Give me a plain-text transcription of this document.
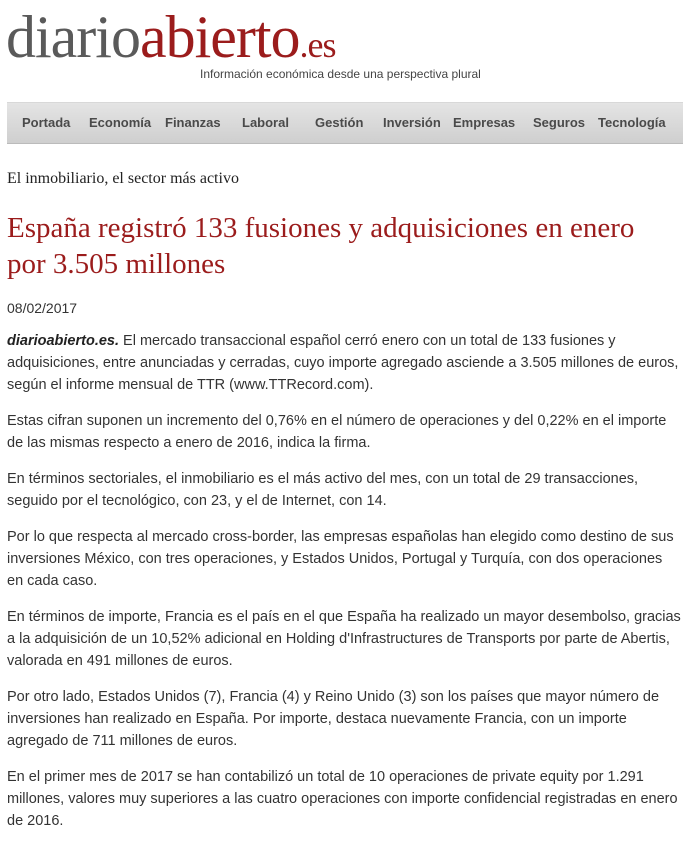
diarioabierto.es
Información económica desde una perspectiva plural
Portada Economía Finanzas Laboral Gestión Inversión Empresas Seguros Tecnología
El inmobiliario, el sector más activo
España registró 133 fusiones y adquisiciones en enero por 3.505 millones
08/02/2017

diarioabierto.es. El mercado transaccional español cerró enero con un total de 133 fusiones y adquisiciones, entre anunciadas y cerradas, cuyo importe agregado asciende a 3.505 millones de euros, según el informe mensual de TTR (www.TTRecord.com).

Estas cifran suponen un incremento del 0,76% en el número de operaciones y del 0,22% en el importe de las mismas respecto a enero de 2016, indica la firma.

En términos sectoriales, el inmobiliario es el más activo del mes, con un total de 29 transacciones, seguido por el tecnológico, con 23, y el de Internet, con 14.

Por lo que respecta al mercado cross-border, las empresas españolas han elegido como destino de sus inversiones México, con tres operaciones, y Estados Unidos, Portugal y Turquía, con dos operaciones en cada caso.

En términos de importe, Francia es el país en el que España ha realizado un mayor desembolso, gracias a la adquisición de un 10,52% adicional en Holding d'Infrastructures de Transports por parte de Abertis, valorada en 491 millones de euros.

Por otro lado, Estados Unidos (7), Francia (4) y Reino Unido (3) son los países que mayor número de inversiones han realizado en España. Por importe, destaca nuevamente Francia, con un importe agregado de 711 millones de euros.

En el primer mes de 2017 se han contabilizó un total de 10 operaciones de private equity por 1.291 millones, valores muy superiores a las cuatro operaciones con importe confidencial registradas en enero de 2016.
